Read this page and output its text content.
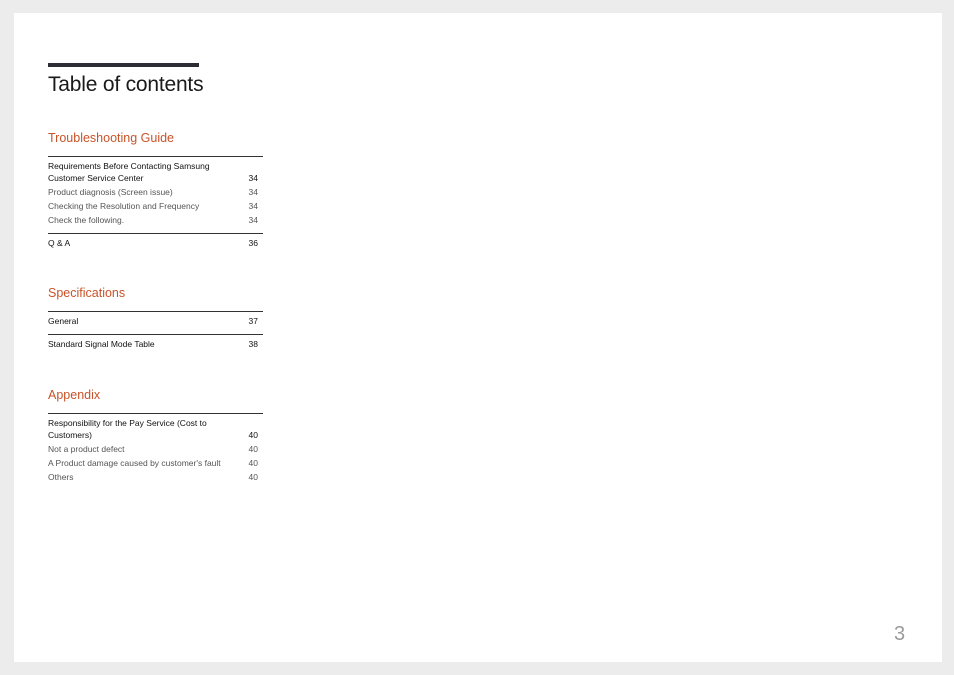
Table of contents
Troubleshooting Guide
Requirements Before Contacting Samsung Customer Service Center	34
Product diagnosis (Screen issue)	34
Checking the Resolution and Frequency	34
Check the following.	34
Q & A	36
Specifications
General	37
Standard Signal Mode Table	38
Appendix
Responsibility for the Pay Service (Cost to Customers)	40
Not a product defect	40
A Product damage caused by customer's fault	40
Others	40
3
